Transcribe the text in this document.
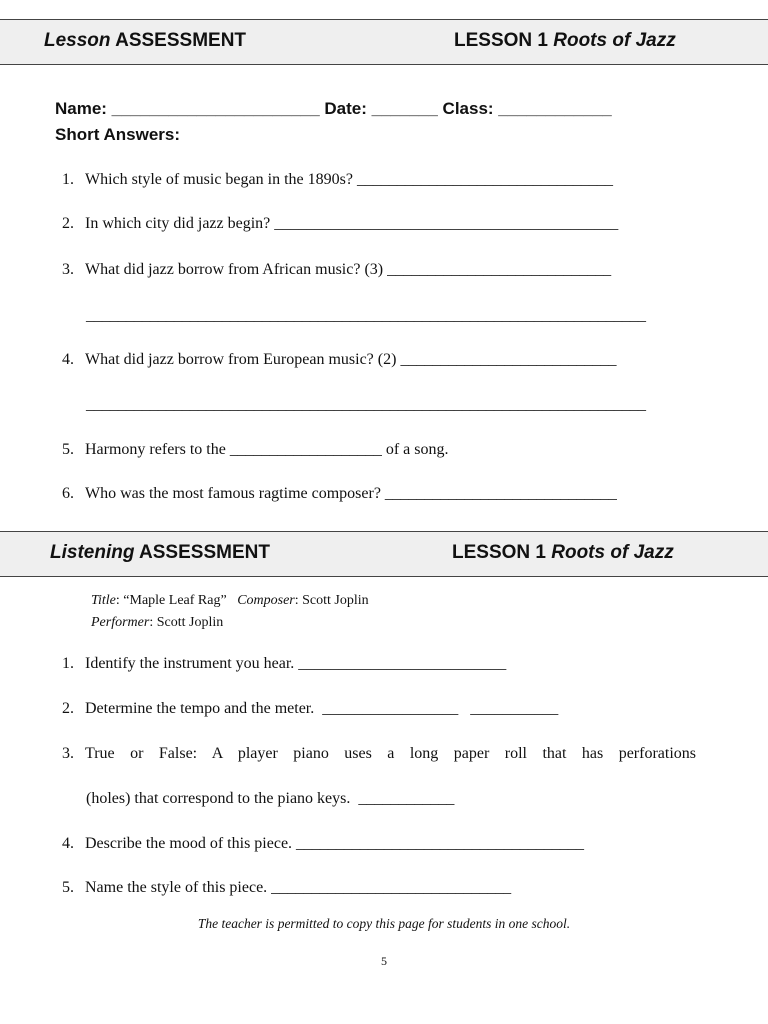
Lesson ASSESSMENT	LESSON 1 Roots of Jazz
Name: ______________________ Date: _______ Class: ____________
Short Answers:
1. Which style of music began in the 1890s? ________________________________
2. In which city did jazz begin? ___________________________________________
3. What did jazz borrow from African music? (3) ____________________________
______________________________________________________________________
4. What did jazz borrow from European music? (2) ___________________________
______________________________________________________________________
5. Harmony refers to the ___________________ of a song.
6. Who was the most famous ragtime composer? _____________________________
Listening ASSESSMENT	LESSON 1 Roots of Jazz
Title: “Maple Leaf Rag” Composer: Scott Joplin
Performer: Scott Joplin
1. Identify the instrument you hear. __________________________
2. Determine the tempo and the meter.  _________________   ___________
3. True or False: A player piano uses a long paper roll that has perforations
(holes) that correspond to the piano keys.  ____________
4. Describe the mood of this piece. ____________________________________
5. Name the style of this piece. ______________________________
The teacher is permitted to copy this page for students in one school.
5
